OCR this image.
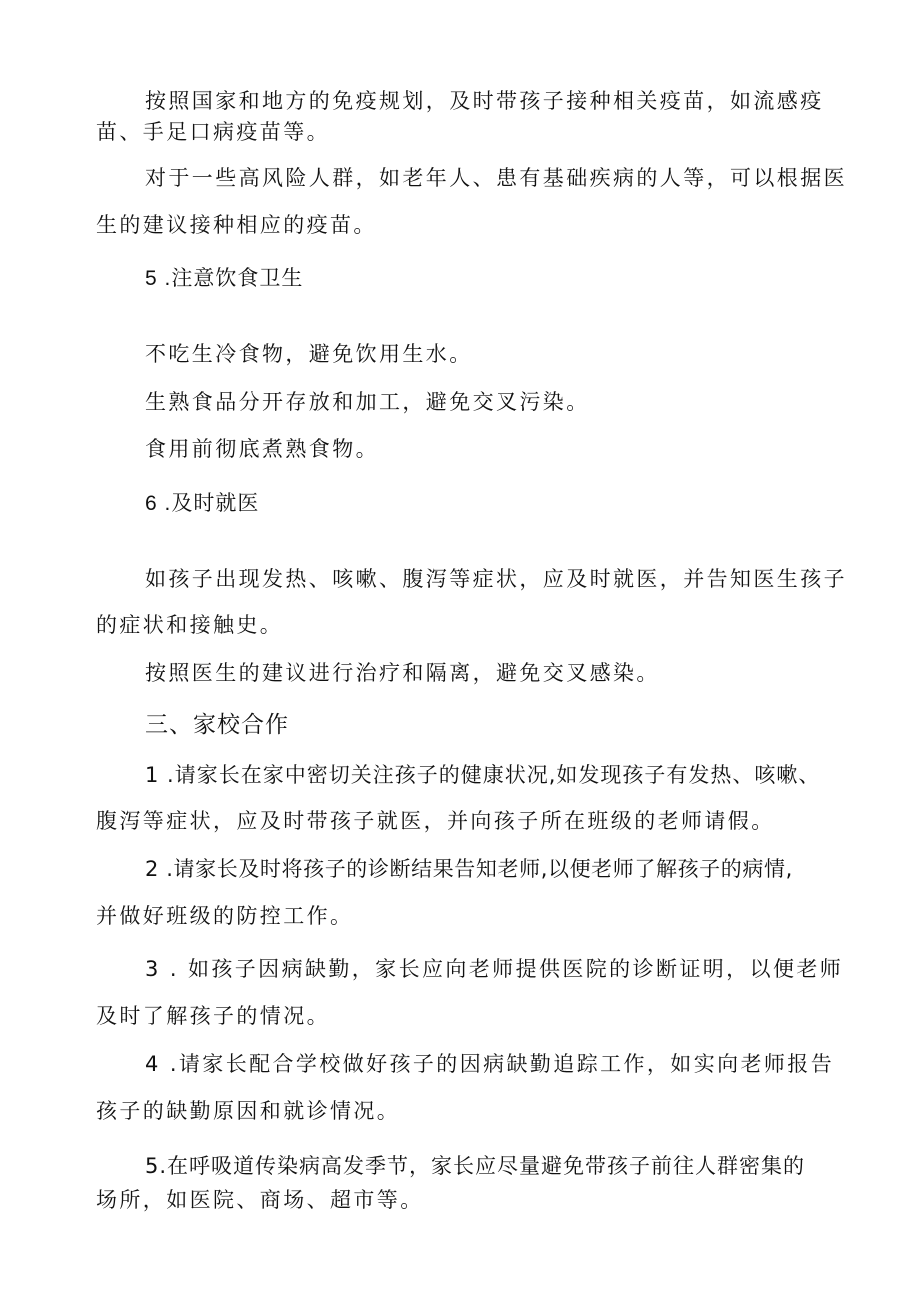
按照国家和地方的免疫规划，及时带孩子接种相关疫苗，如流感疫
苗、手足口病疫苗等。
对于一些高风险人群，如老年人、患有基础疾病的人等，可以根据医
生的建议接种相应的疫苗。
5 .注意饮食卫生
不吃生冷食物，避免饮用生水。
生熟食品分开存放和加工，避免交叉污染。
食用前彻底煮熟食物。
6 .及时就医
如孩子出现发热、咳嗽、腹泻等症状，应及时就医，并告知医生孩子
的症状和接触史。
按照医生的建议进行治疗和隔离，避免交叉感染。
三、家校合作
1 .请家长在家中密切关注孩子的健康状况,如发现孩子有发热、咳嗽、
腹泻等症状，应及时带孩子就医，并向孩子所在班级的老师请假。
2 .请家长及时将孩子的诊断结果告知老师,以便老师了解孩子的病情,
并做好班级的防控工作。
3 . 如孩子因病缺勤，家长应向老师提供医院的诊断证明，以便老师
及时了解孩子的情况。
4 .请家长配合学校做好孩子的因病缺勤追踪工作，如实向老师报告
孩子的缺勤原因和就诊情况。
5.在呼吸道传染病高发季节，家长应尽量避免带孩子前往人群密集的
场所，如医院、商场、超市等。
